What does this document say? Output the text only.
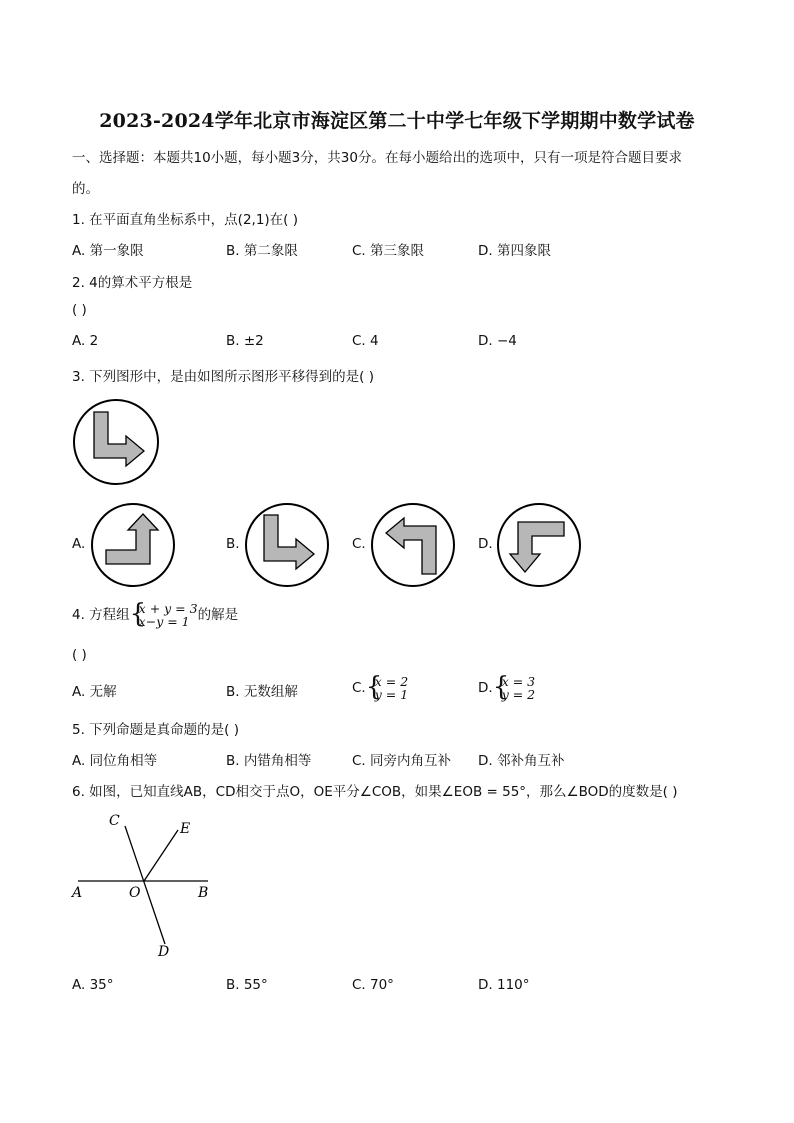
2023-2024学年北京市海淀区第二十中学七年级下学期期中数学试卷
一、选择题：本题共10小题，每小题3分，共30分。在每小题给出的选项中，只有一项是符合题目要求
的。
1. 在平面直角坐标系中，点(2,1)在( )
A. 第一象限	B. 第二象限	C. 第三象限	D. 第四象限
2. 4的算术平方根是
( )
A. 2	B. ±2	C. 4	D. −4
3. 下列图形中，是由如图所示图形平移得到的是( )
A.	B.	C.	D.
4. 方程组 {
x + y = 3
x−y = 1 的解是
( )
A. 无解	B. 无数组解	C. {
x = 2
y = 1	D. {
x = 3
y = 2
5. 下列命题是真命题的是( )
A. 同位角相等	B. 内错角相等	C. 同旁内角互补 D. 邻补角互补
6. 如图，已知直线AB，CD相交于点O，OE平分∠COB，如果∠EOB = 55°，那么∠BOD的度数是( )
C	E
A	O	B
D
A. 35°	B. 55°	C. 70°	D. 110°
